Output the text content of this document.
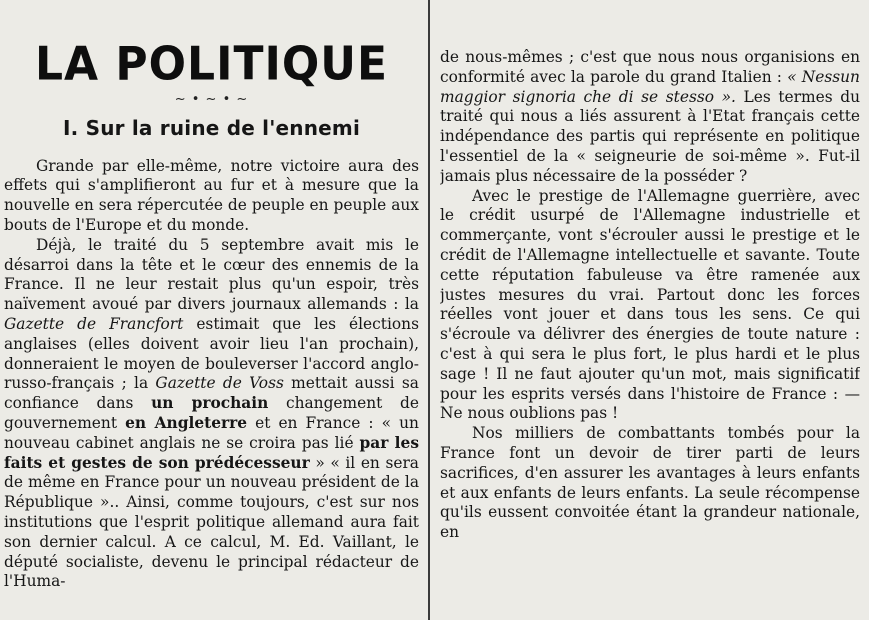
LA POLITIQUE
~ • ~ • ~
I. Sur la ruine de l'ennemi

Grande par elle-même, notre victoire aura des effets qui s'amplifieront au fur et à mesure que la nouvelle en sera répercutée de peuple en peuple aux bouts de l'Europe et du monde.

Déjà, le traité du 5 septembre avait mis le désarroi dans la tête et le cœur des ennemis de la France. Il ne leur restait plus qu'un espoir, très naïvement avoué par divers journaux allemands : la Gazette de Francfort estimait que les élections anglaises (elles doivent avoir lieu l'an prochain), donneraient le moyen de bouleverser l'accord anglo-russo-français ; la Gazette de Voss mettait aussi sa confiance dans un prochain changement de gouvernement en Angleterre et en France : « un nouveau cabinet anglais ne se croira pas lié par les faits et gestes de son prédécesseur » « il en sera de même en France pour un nouveau président de la République ».. Ainsi, comme toujours, c'est sur nos institutions que l'esprit politique allemand aura fait son dernier calcul. A ce calcul, M. Ed. Vaillant, le député socialiste, devenu le principal rédacteur de l'Huma-

de nous-mêmes ; c'est que nous nous organisions en conformité avec la parole du grand Italien : « Nessun maggior signoria che di se stesso ». Les termes du traité qui nous a liés assurent à l'Etat français cette indépendance des partis qui représente en politique l'essentiel de la « seigneurie de soi-même ». Fut-il jamais plus nécessaire de la posséder ?

Avec le prestige de l'Allemagne guerrière, avec le crédit usurpé de l'Allemagne industrielle et commerçante, vont s'écrouler aussi le prestige et le crédit de l'Allemagne intellectuelle et savante. Toute cette réputation fabuleuse va être ramenée aux justes mesures du vrai. Partout donc les forces réelles vont jouer et dans tous les sens. Ce qui s'écroule va délivrer des énergies de toute nature : c'est à qui sera le plus fort, le plus hardi et le plus sage ! Il ne faut ajouter qu'un mot, mais significatif pour les esprits versés dans l'histoire de France : — Ne nous oublions pas !

Nos milliers de combattants tombés pour la France font un devoir de tirer parti de leurs sacrifices, d'en assurer les avantages à leurs enfants et aux enfants de leurs enfants. La seule récompense qu'ils eussent convoitée étant la grandeur nationale, en
